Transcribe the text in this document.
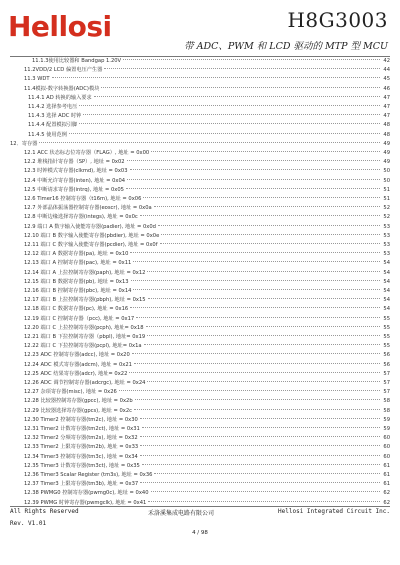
Hellosi	H8G3003
带 ADC、PWM 和 LCD 驱动的 MTP 型 MCU
11.1.3使用比较器和 Bandgap 1.20V	42
11.2VDD/2 LCD 偏置电压产生器	44
11.3 WDT	45
11.4模拟-数字转换器(ADC)模块	46
11.4.1 AD 转换的输入要求	47
11.4.2 选择参考电压	47
11.4.3 选择 ADC 时钟	47
11.4.4 配置模拟引脚	48
11.4.5 使用范例	48
12．寄存器	49
12.1 ACC 状态标志位寄存器（FLAG）, 地址 = 0x00	49
12.2 堆栈指针寄存器（SP）, 地址 = 0x02	49
12.3 时钟模式寄存器(clkmd), 地址 = 0x03	50
12.4 中断允许寄存器(inten), 地址 = 0x04	50
12.5 中断请求寄存器(intrq), 地址 = 0x05	51
12.6 Timer16 控制寄存器（t16m), 地址 = 0x06	51
12.7 外部晶体振荡器控制寄存器(eoscr), 地址 = 0x0a	52
12.8 中断边缘选择寄存器(integs), 地址 = 0x0c	52
12.9 端口 A 数字输入使能寄存器(padier), 地址 = 0x0d	53
12.10 端口 B 数字输入使能寄存器(pbdier), 地址 = 0x0e	53
12.11 端口 C 数字输入使能寄存器(pcdier), 地址 = 0x0f	53
12.12 端口 A 数据寄存器(pa), 地址 = 0x10	53
12.13 端口 A 控制寄存器(pac), 地址 = 0x11	54
12.14 端口 A 上拉控制寄存器(paph), 地址 = 0x12	54
12.15 端口 B 数据寄存器(pb), 地址 = 0x13	54
12.16 端口 B 控制寄存器(pbc), 地址 = 0x14	54
12.17 端口 B 上拉控制寄存器(pbph), 地址 = 0x15	54
12.18 端口 C 数据寄存器(pc), 地址 = 0x16	54
12.19 端口 C 控制寄存器（pcc), 地址 = 0x17	55
12.20 端口 C 上拉控制寄存器(pcph), 地址= 0x18	55
12.21 端口 B 下拉控制寄存器（pbpl), 地址= 0x19	55
12.22 端口 C 下拉控制寄存器(pcpl), 地址= 0x1a	55
12.23 ADC 控制寄存器(adcc), 地址 = 0x20	56
12.24 ADC 模式寄存器(adcm), 地址 = 0x21	56
12.25 ADC 结果寄存器(adcr), 地址= 0x22	57
12.26 ADC 调节控制寄存器(adcrgc), 地址 = 0x24	57
12.27 杂项寄存器(misc), 地址 = 0x26	57
12.28 比较器控制寄存器(gpcc), 地址 = 0x2b	58
12.29 比较器选择寄存器(gpcs), 地址 = 0x2c	58
12.30 Timer2 控制寄存器(tm2c), 地址 = 0x30	59
12.31 Timer2 计数寄存器(tm2ct), 地址 = 0x31	59
12.32 Timer2 分频寄存器(tm2s), 地址 = 0x32	60
12.33 Timer2 上限寄存器(tm2b), 地址 = 0x33	60
12.34 Timer3 控制寄存器(tm3c), 地址 = 0x34	60
12.35 Timer3 计数寄存器(tm3ct), 地址 = 0x35	61
12.36 Timer3 Scalar Register (tm3s), 地址 = 0x36	61
12.37 Timer3 上限寄存器(tm3b), 地址 = 0x37	61
12.38 PWMG0 控制寄存器(pwmg0c), 地址 = 0x40	62
12.39 PWMG 时钟寄存器(pwmgclk), 地址 = 0x41	62
All Rights Reserved	禾洛溪集成电路有限公司	Hellosi Integrated Circuit Inc.
Rev. V1.01
4 / 98
